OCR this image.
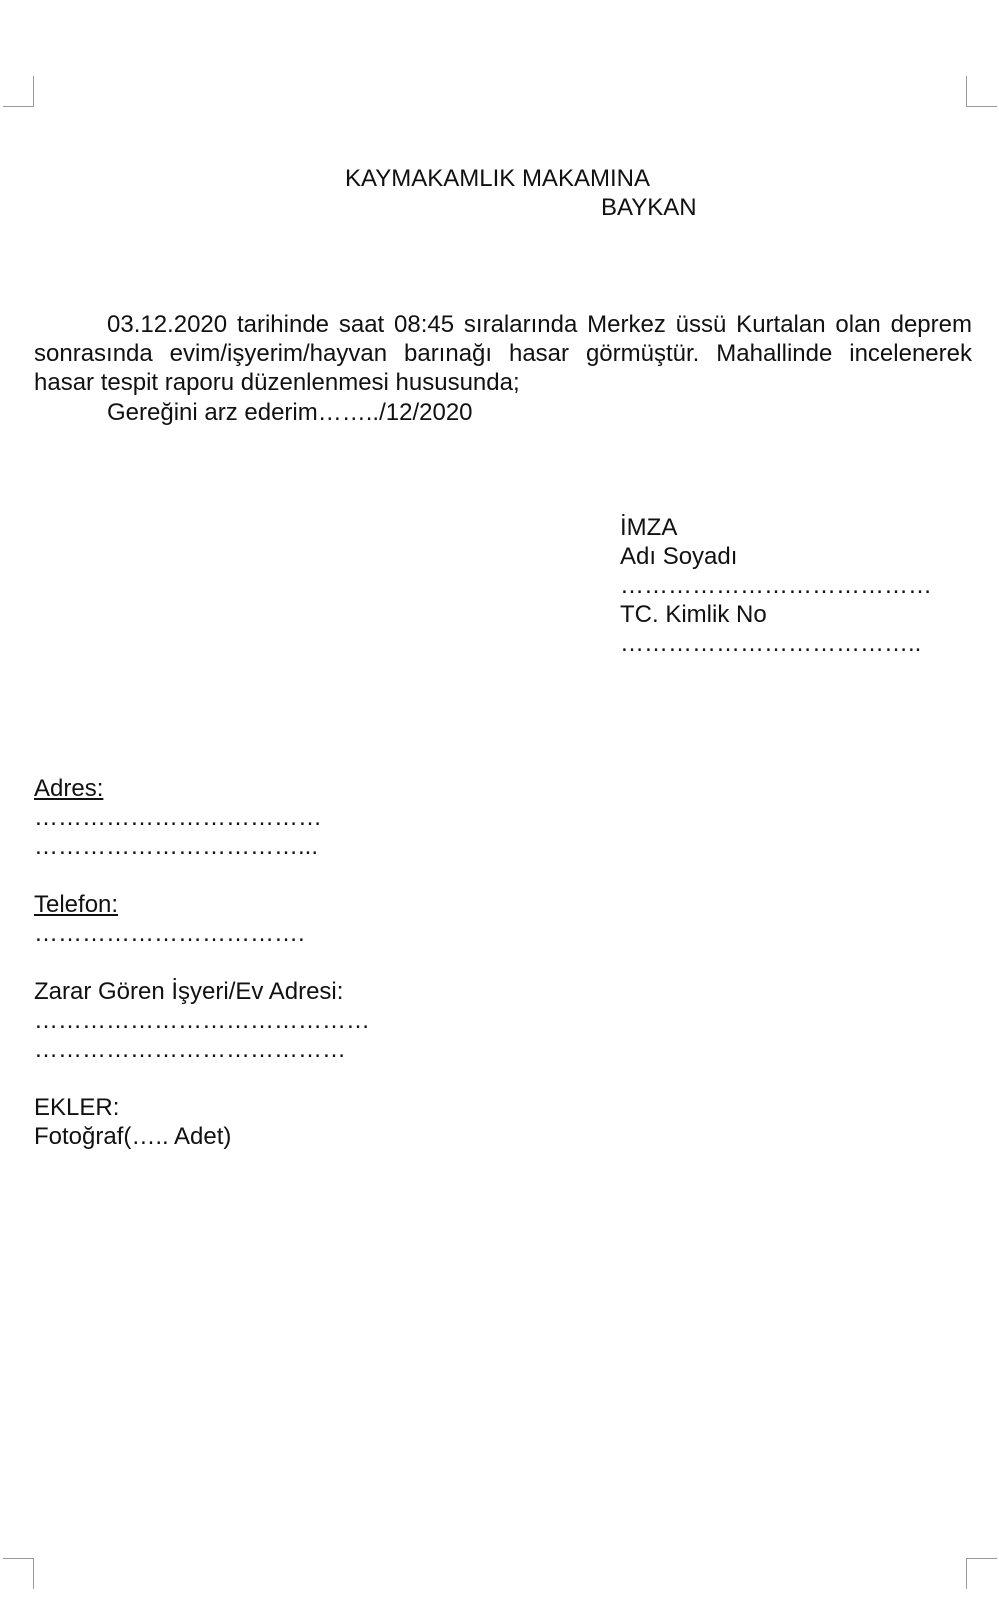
KAYMAKAMLIK MAKAMINA

BAYKAN

03.12.2020 tarihinde saat 08:45 sıralarında Merkez üssü Kurtalan olan deprem sonrasında evim/işyerim/hayvan barınağı hasar görmüştür. Mahallinde incelenerek hasar tespit raporu düzenlenmesi hususunda;

Gereğini arz ederim……../12/2020

İMZA

Adı Soyadı

…………………………………

TC. Kimlik No

………………………………..

Adres:

………………………………

……………………………...

Telefon:

…………………………….

Zarar Gören İşyeri/Ev Adresi:

……………………………………

…………………………………

EKLER:

Fotoğraf(….. Adet)
